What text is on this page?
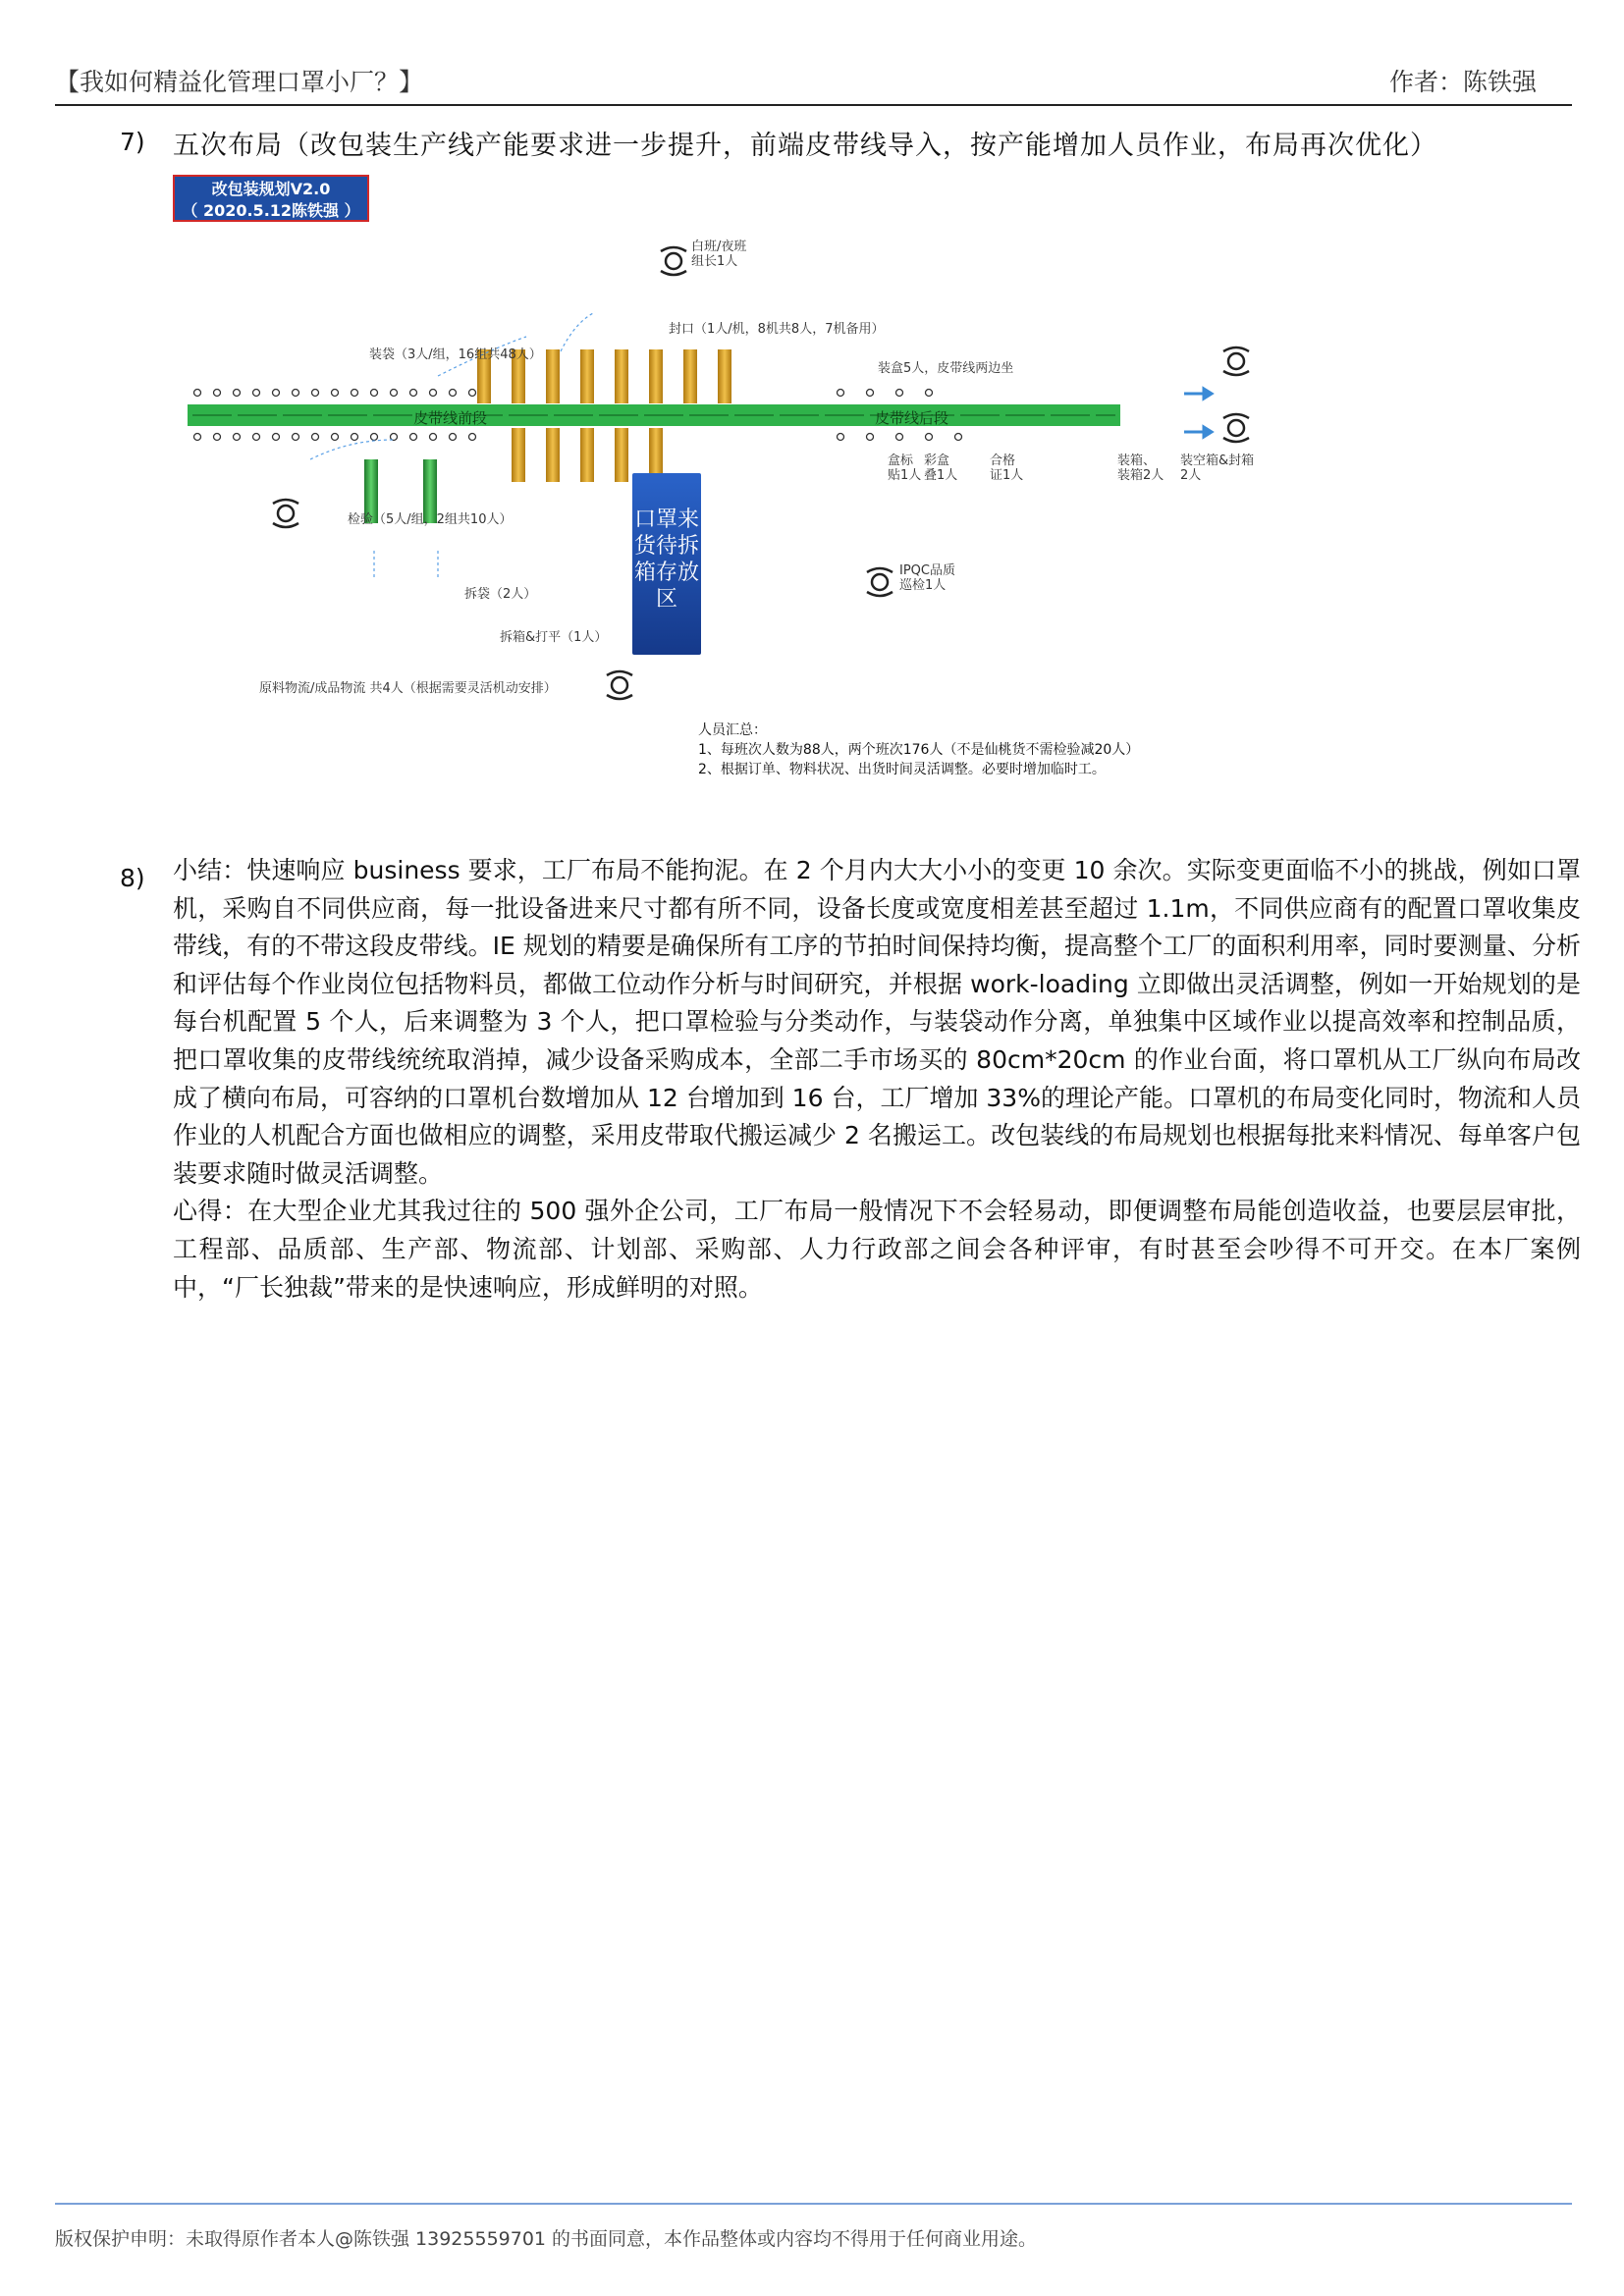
【我如何精益化管理口罩小厂？】	作者：陈铁强
7) 五次布局（改包装生产线产能要求进一步提升，前端皮带线导入，按产能增加人员作业，布局再次优化）
改包装规划V2.0
（ 2020.5.12陈铁强 ）
皮带线前段	皮带线后段
口罩来货待拆箱存放区
白班/夜班
组长1人
装袋（3人/组，16组共48人）
封口（1人/机，8机共8人，7机备用）
装盒5人，皮带线两边坐
检验（5人/组，2组共10人）
拆袋（2人）
拆箱&打平（1人）
原料物流/成品物流 共4人（根据需要灵活机动安排）
IPQC品质
巡检1人
盒标
贴1人
彩盒
叠1人
合格
证1人
装箱、
装箱2人
装空箱&封箱
2人
人员汇总：
1、每班次人数为88人，两个班次176人（不是仙桃货不需检验减20人）
2、根据订单、物料状况、出货时间灵活调整。必要时增加临时工。
8) 小结：快速响应 business 要求，工厂布局不能拘泥。在 2 个月内大大小小的变更 10 余次。实际变更面临不小的挑战，例如口罩机，采购自不同供应商，每一批设备进来尺寸都有所不同，设备长度或宽度相差甚至超过 1.1m，不同供应商有的配置口罩收集皮带线，有的不带这段皮带线。IE 规划的精要是确保所有工序的节拍时间保持均衡，提高整个工厂的面积利用率，同时要测量、分析和评估每个作业岗位包括物料员，都做工位动作分析与时间研究，并根据 work-loading 立即做出灵活调整，例如一开始规划的是每台机配置 5 个人，后来调整为 3 个人，把口罩检验与分类动作，与装袋动作分离，单独集中区域作业以提高效率和控制品质，把口罩收集的皮带线统统取消掉，减少设备采购成本，全部二手市场买的 80cm*20cm 的作业台面，将口罩机从工厂纵向布局改成了横向布局，可容纳的口罩机台数增加从 12 台增加到 16 台，工厂增加 33%的理论产能。口罩机的布局变化同时，物流和人员作业的人机配合方面也做相应的调整，采用皮带取代搬运减少 2 名搬运工。改包装线的布局规划也根据每批来料情况、每单客户包装要求随时做灵活调整。

心得：在大型企业尤其我过往的 500 强外企公司，工厂布局一般情况下不会轻易动，即便调整布局能创造收益，也要层层审批，工程部、品质部、生产部、物流部、计划部、采购部、人力行政部之间会各种评审，有时甚至会吵得不可开交。在本厂案例中，“厂长独裁”带来的是快速响应，形成鲜明的对照。

版权保护申明：未取得原作者本人@陈铁强 13925559701 的书面同意，本作品整体或内容均不得用于任何商业用途。
